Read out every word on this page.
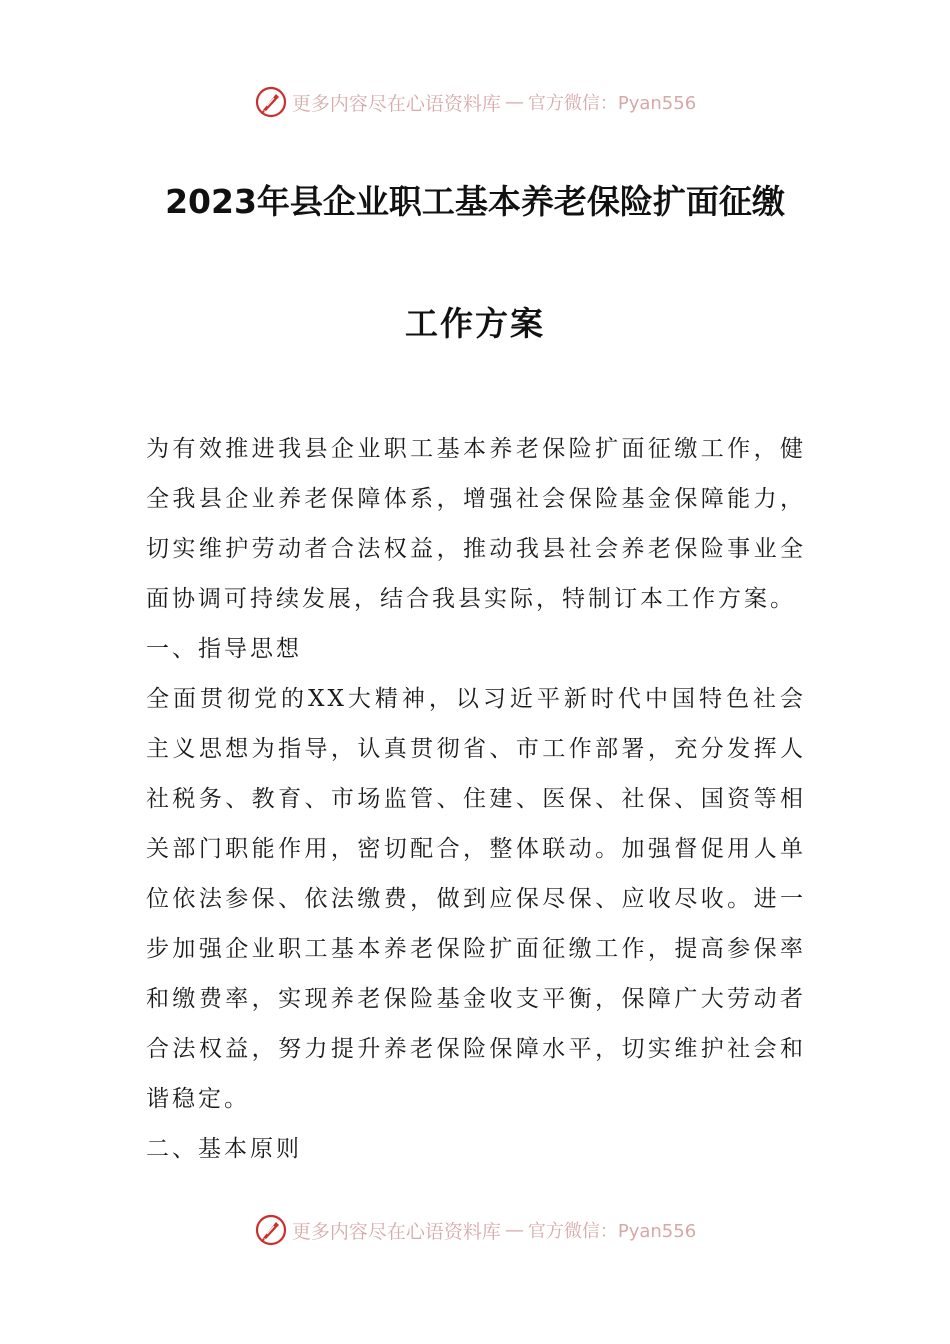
更多内容尽在心语资料库 — 官方微信：Pyan556
2023年县企业职工基本养老保险扩面征缴
工作方案

为有效推进我县企业职工基本养老保险扩面征缴工作，健全我县企业养老保障体系，增强社会保险基金保障能力，切实维护劳动者合法权益，推动我县社会养老保险事业全面协调可持续发展，结合我县实际，特制订本工作方案。

一、指导思想

全面贯彻党的XX大精神，以习近平新时代中国特色社会主义思想为指导，认真贯彻省、市工作部署，充分发挥人社税务、教育、市场监管、住建、医保、社保、国资等相关部门职能作用，密切配合，整体联动。加强督促用人单位依法参保、依法缴费，做到应保尽保、应收尽收。进一步加强企业职工基本养老保险扩面征缴工作，提高参保率和缴费率，实现养老保险基金收支平衡，保障广大劳动者合法权益，努力提升养老保险保障水平，切实维护社会和谐稳定。

二、基本原则

更多内容尽在心语资料库 — 官方微信：Pyan556
